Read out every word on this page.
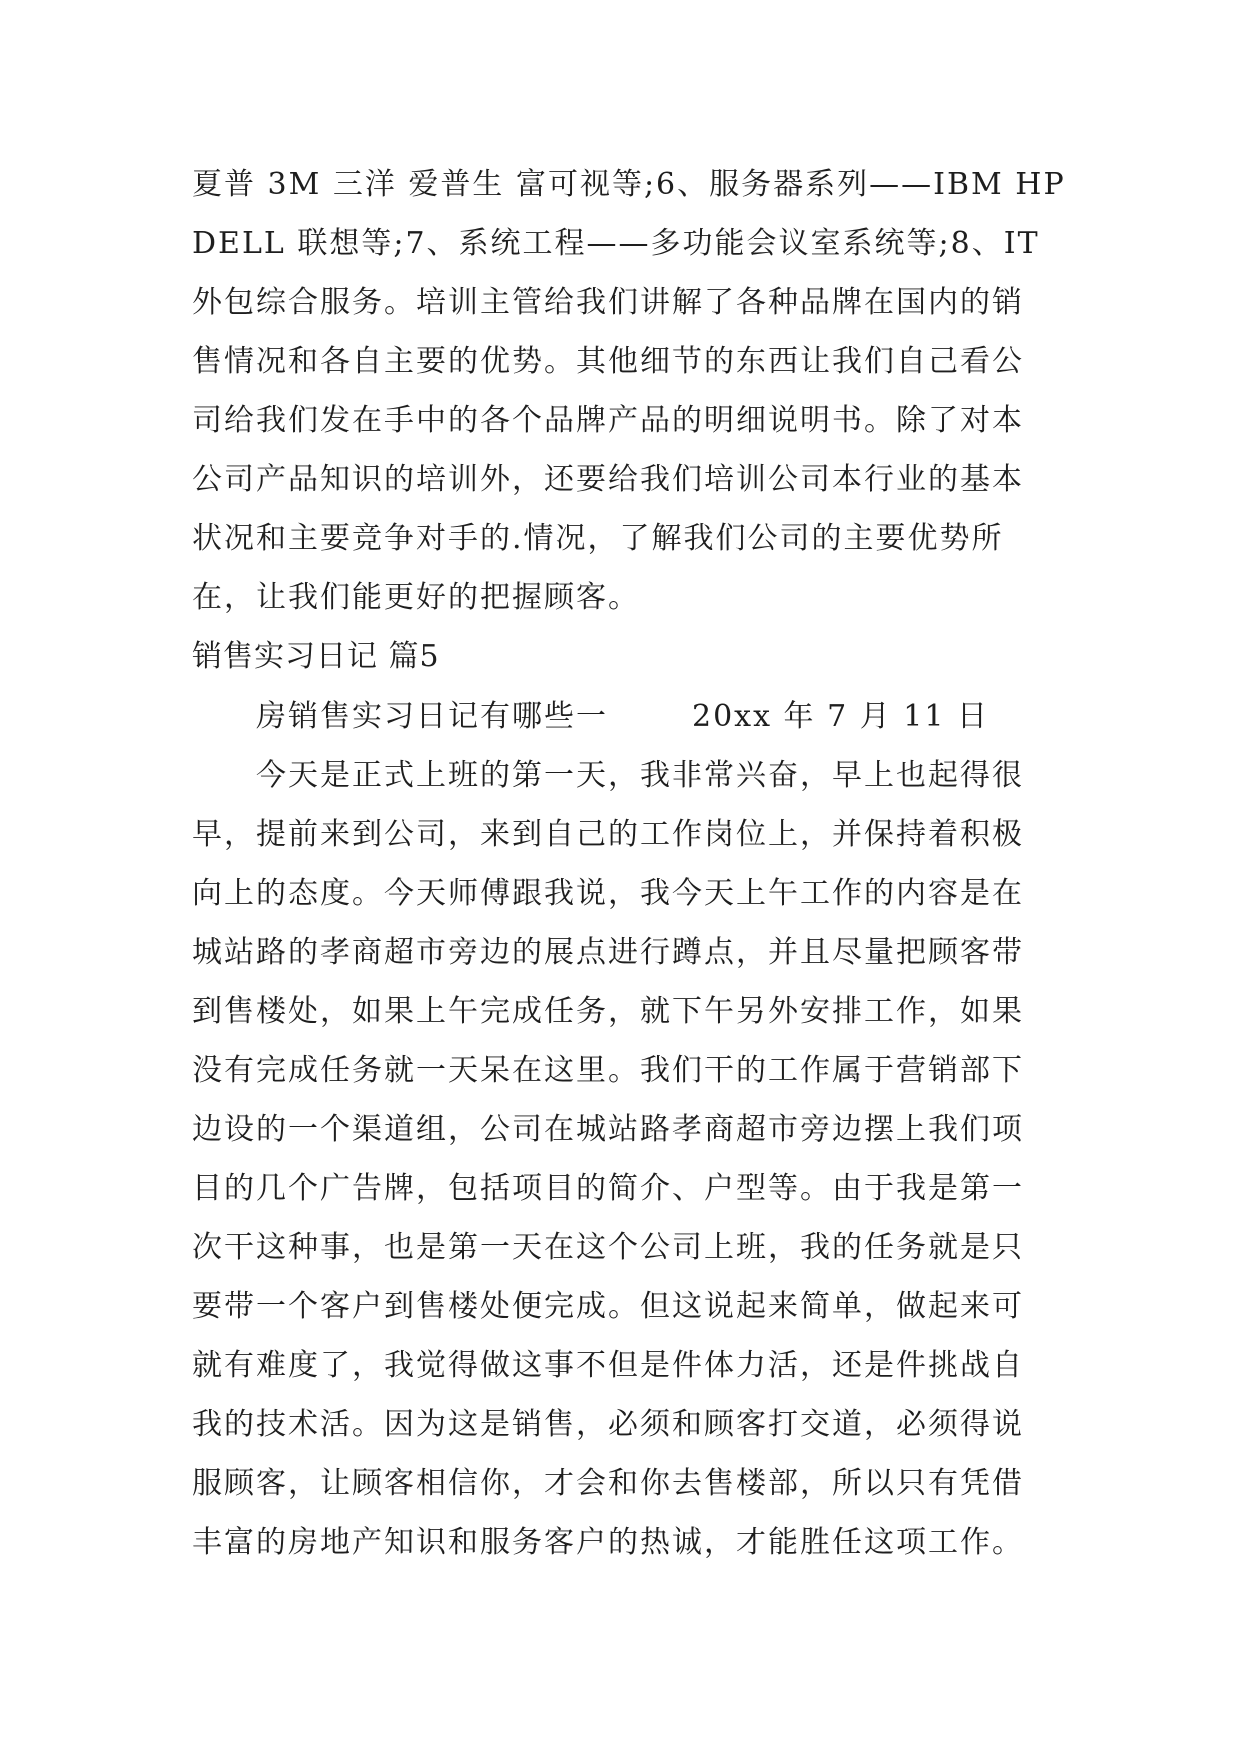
夏普 3M 三洋 爱普生 富可视等;6、服务器系列——IBM HP
DELL 联想等;7、系统工程——多功能会议室系统等;8、IT
外包综合服务。培训主管给我们讲解了各种品牌在国内的销
售情况和各自主要的优势。其他细节的东西让我们自己看公
司给我们发在手中的各个品牌产品的明细说明书。除了对本
公司产品知识的培训外，还要给我们培训公司本行业的基本
状况和主要竞争对手的.情况，了解我们公司的主要优势所
在，让我们能更好的把握顾客。
销售实习日记 篇5
房销售实习日记有哪些一	20xx 年 7 月 11 日
今天是正式上班的第一天，我非常兴奋，早上也起得很
早，提前来到公司，来到自己的工作岗位上，并保持着积极
向上的态度。今天师傅跟我说，我今天上午工作的内容是在
城站路的孝商超市旁边的展点进行蹲点，并且尽量把顾客带
到售楼处，如果上午完成任务，就下午另外安排工作，如果
没有完成任务就一天呆在这里。我们干的工作属于营销部下
边设的一个渠道组，公司在城站路孝商超市旁边摆上我们项
目的几个广告牌，包括项目的简介、户型等。由于我是第一
次干这种事，也是第一天在这个公司上班，我的任务就是只
要带一个客户到售楼处便完成。但这说起来简单，做起来可
就有难度了，我觉得做这事不但是件体力活，还是件挑战自
我的技术活。因为这是销售，必须和顾客打交道，必须得说
服顾客，让顾客相信你，才会和你去售楼部，所以只有凭借
丰富的房地产知识和服务客户的热诚，才能胜任这项工作。
